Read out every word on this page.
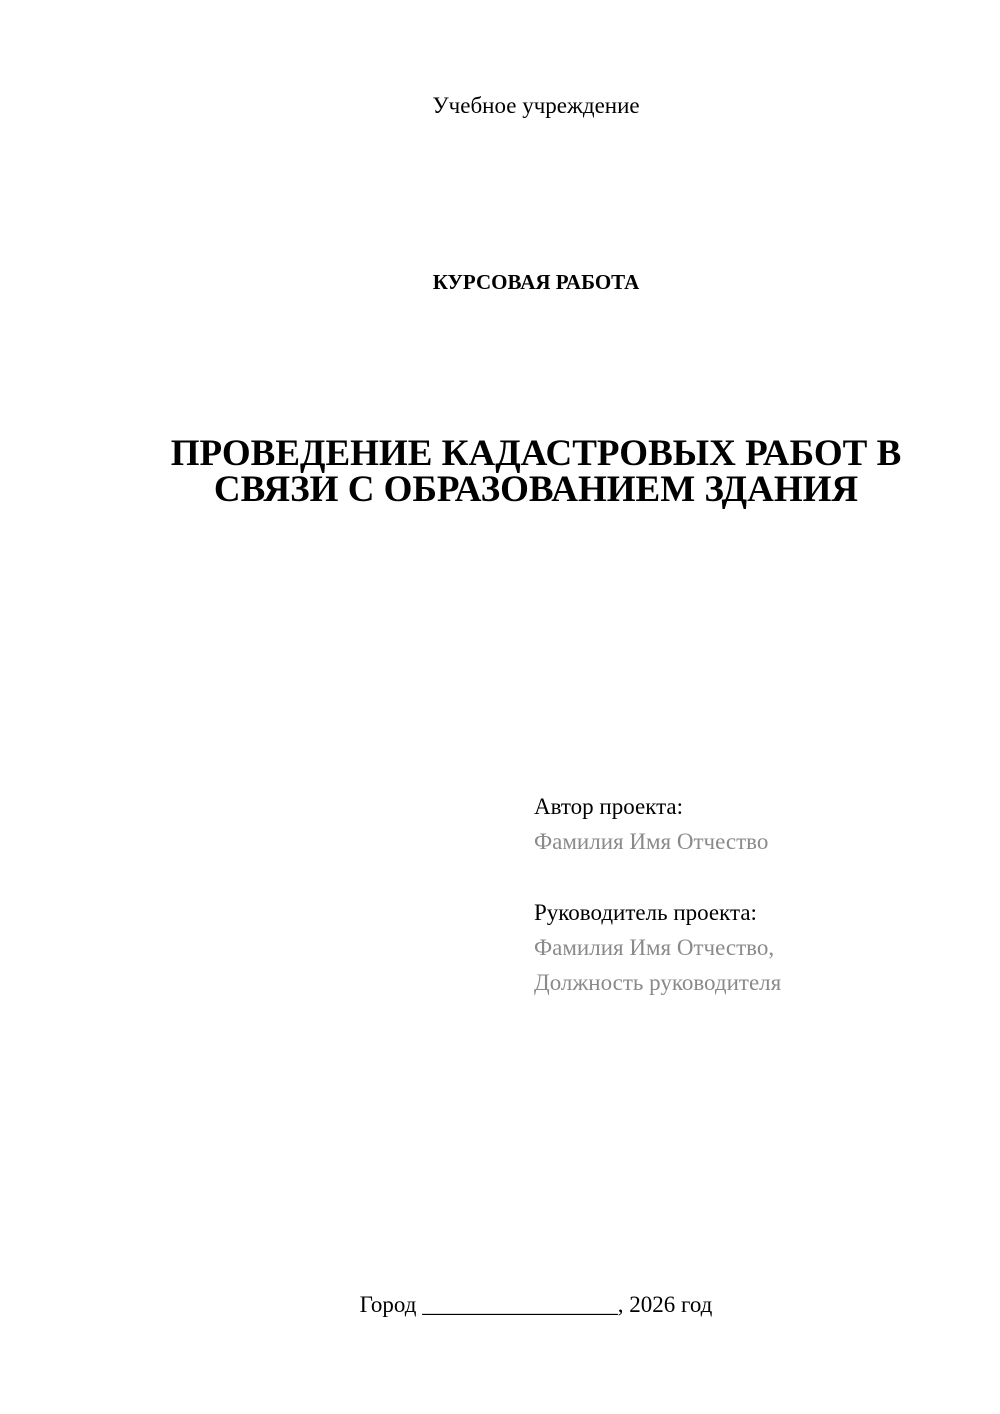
Учебное учреждение
КУРСОВАЯ РАБОТА
ПРОВЕДЕНИЕ КАДАСТРОВЫХ РАБОТ В
СВЯЗИ С ОБРАЗОВАНИЕМ ЗДАНИЯ
Автор проекта:
Фамилия Имя Отчество
Руководитель проекта:
Фамилия Имя Отчество,
Должность руководителя
Город _________________, 2026 год
